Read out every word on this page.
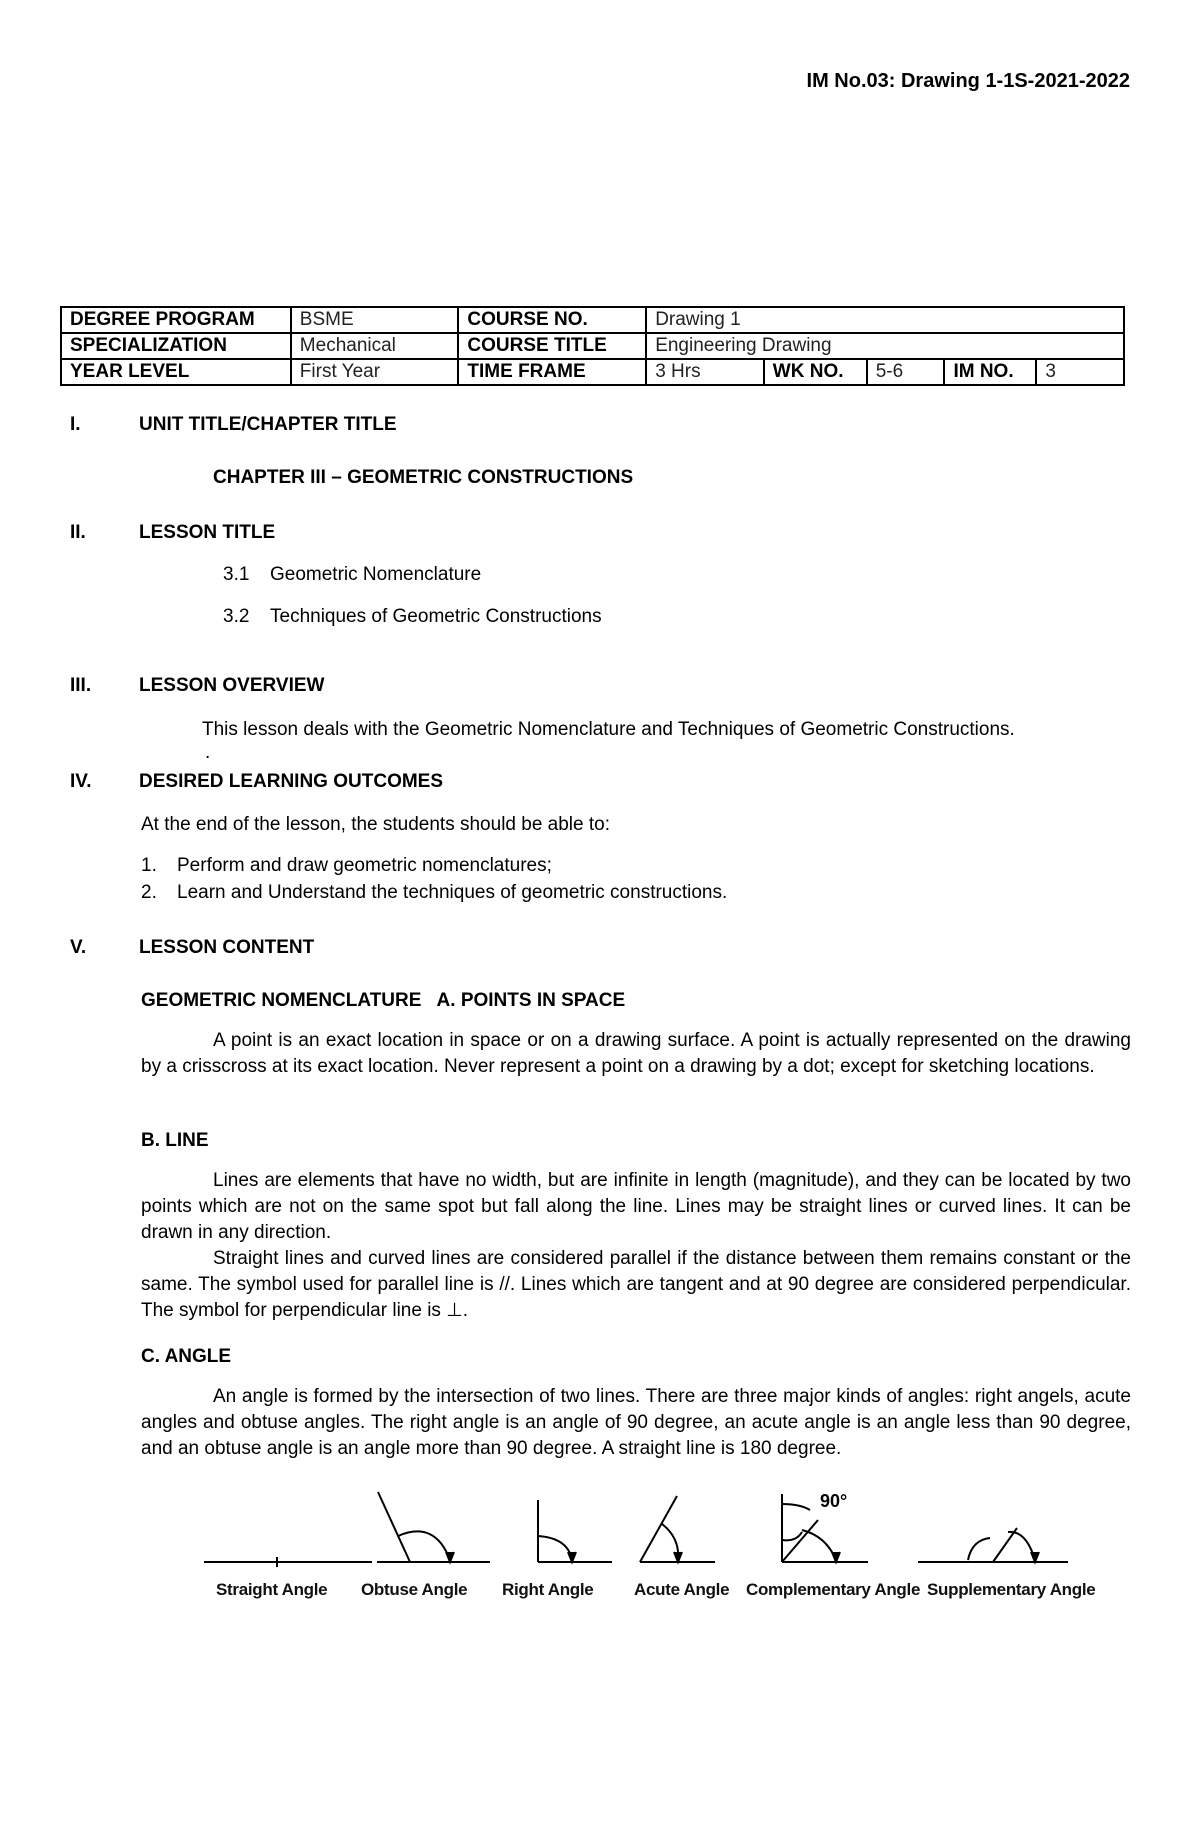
IM No.03: Drawing 1-1S-2021-2022
DEGREE PROGRAM	BSME	COURSE NO.	Drawing 1				
SPECIALIZATION	Mechanical	COURSE TITLE	Engineering Drawing				
YEAR LEVEL	First Year	TIME FRAME	3 Hrs	WK NO.	5-6	IM NO.	3
I.	UNIT TITLE/CHAPTER TITLE
CHAPTER III – GEOMETRIC CONSTRUCTIONS
II.	LESSON TITLE
3.1 Geometric Nomenclature
3.2 Techniques of Geometric Constructions
III.	LESSON OVERVIEW
This lesson deals with the Geometric Nomenclature and Techniques of Geometric Constructions.
.
IV.	DESIRED LEARNING OUTCOMES
At the end of the lesson, the students should be able to:
1. Perform and draw geometric nomenclatures;
2. Learn and Understand the techniques of geometric constructions.
V.	LESSON CONTENT
GEOMETRIC NOMENCLATURE   A. POINTS IN SPACE

A point is an exact location in space or on a drawing surface. A point is actually represented on the drawing by a crisscross at its exact location. Never represent a point on a drawing by a dot; except for sketching locations.

B. LINE

Lines are elements that have no width, but are infinite in length (magnitude), and they can be located by two points which are not on the same spot but fall along the line. Lines may be straight lines or curved lines. It can be drawn in any direction.

Straight lines and curved lines are considered parallel if the distance between them remains constant or the same. The symbol used for parallel line is //. Lines which are tangent and at 90 degree are considered perpendicular. The symbol for perpendicular line is ⊥.

C. ANGLE

An angle is formed by the intersection of two lines. There are three major kinds of angles: right angels, acute angles and obtuse angles. The right angle is an angle of 90 degree, an acute angle is an angle less than 90 degree, and an obtuse angle is an angle more than 90 degree. A straight line is 180 degree.

90°
Straight Angle Obtuse Angle Right Angle Acute Angle Complementary Angle Supplementary Angle
